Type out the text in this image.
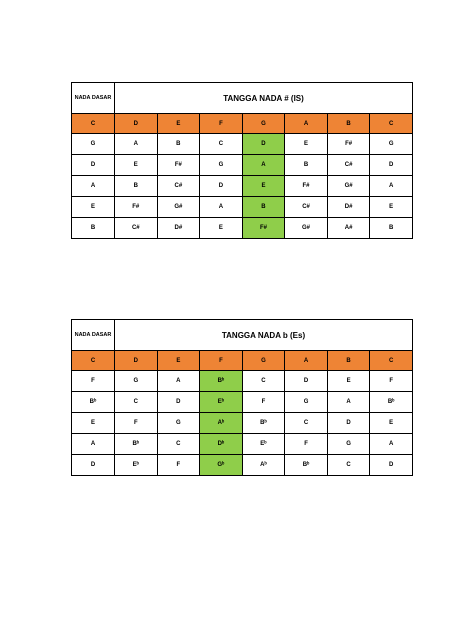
NADA DASAR	TANGGA NADA # (IS)						
C	D	E	F	G	A	B	C
G	A	B	C	D	E	F#	G
D	E	F#	G	A	B	C#	D
A	B	C#	D	E	F#	G#	A
E	F#	G#	A	B	C#	D#	E
B	C#	D#	E	F#	G#	A#	B
NADA DASAR	TANGGA NADA b (Es)						
C	D	E	F	G	A	B	C
F	G	A	Bᵇ	C	D	E	F
Bᵇ	C	D	Eᵇ	F	G	A	Bᵇ
E	F	G	Aᵇ	Bᵇ	C	D	E
A	Bᵇ	C	Dᵇ	Eᵇ	F	G	A
D	Eᵇ	F	Gᵇ	Aᵇ	Bᵇ	C	D
